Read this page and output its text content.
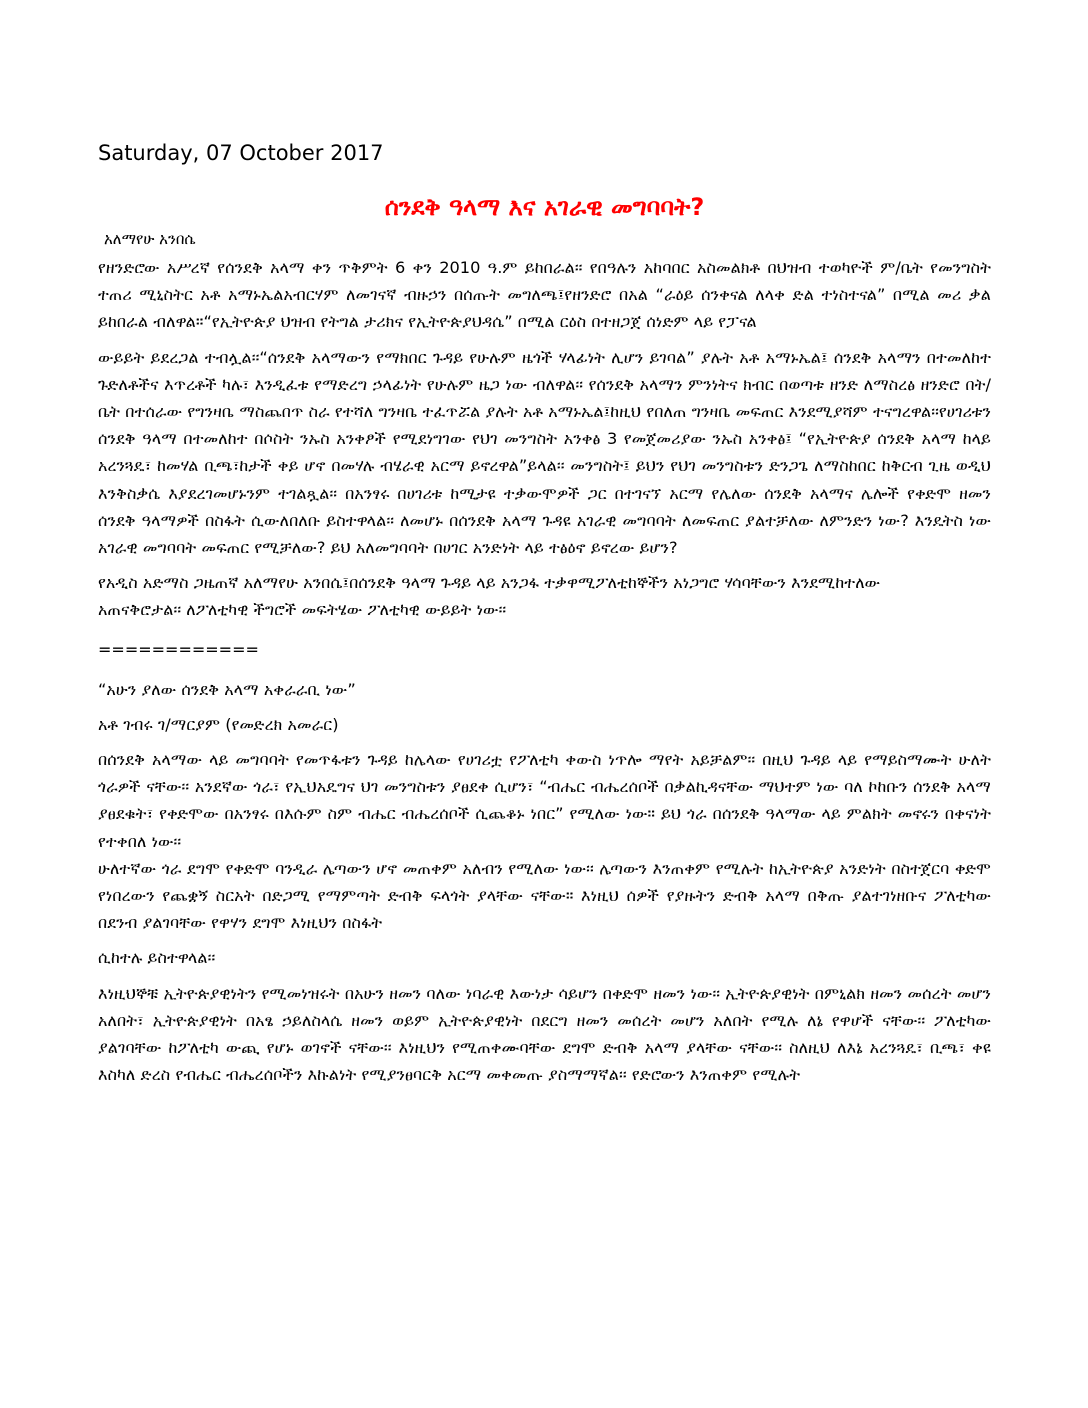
Saturday, 07 October 2017
ሰንደቅ ዓላማ እና አገራዊ መግባባት?
አለማየሁ አንበሴ

የዘንድሮው አሥረኛ የሰንደቅ አላማ ቀን ጥቅምት 6 ቀን 2010 ዓ.ም ይከበራል፡፡ የበዓሉን አከባበር አስመልክቶ በህዝብ ተወካዮች ም/ቤት የመንግስት ተጠሪ ሚኒስትር አቶ አማኑኤልአብርሃም ለመገናኛ ብዙኃን በሰጡት መግለጫ፤የዘንድሮ በአል “ራዕይ ሰንቀናል ለላቀ ድል ተነስተናል” በሚል መሪ ቃል ይከበራል ብለዋል።“የኢትዮጵያ ህዝብ የትግል ታሪክና የኢትዮጵያህዳሴ” በሚል ርዕስ በተዘጋጀ ሰነድም ላይ የፓናል

ውይይት ይደረጋል ተብሏል፡፡“ሰንደቅ አላማውን የማክበር ጉዳይ የሁሉም ዜጎች ሃላፊነት ሊሆን ይገባል” ያሉት አቶ አማኑኤል፤ ሰንደቅ አላማን በተመለከተ ጉድለቶችና እጥረቶች ካሉ፣ እንዲፈቱ የማድረግ ኃላፊነት የሁሉም ዜጋ ነው ብለዋል፡፡ የሰንደቅ አላማን ምንነትና ክብር በወጣቱ ዘንድ ለማስረፅ ዘንድሮ በት/ቤት በተሰራው የግንዛቤ ማስጨበጥ ስራ የተሻለ ግንዛቤ ተፈጥሯል ያሉት አቶ አማኑኤል፤ከዚህ የበለጠ ግንዛቤ መፍጠር እንደሚያሻም ተናግረዋል፡፡የሀገሪቱን ሰንደቅ ዓላማ በተመለከተ በሶስት ንኡስ አንቀፆች የሚደነግገው የህገ መንግስት አንቀፅ 3 የመጀመሪያው ንኡስ አንቀፅ፤ “የኢትዮጵያ ሰንደቅ አላማ ከላይ አረንጓዴ፣ ከመሃል ቢጫ፣ከታች ቀይ ሆኖ በመሃሉ ብሄራዊ አርማ ይኖረዋል”ይላል፡፡ መንግስት፤ ይህን የህገ መንግስቱን ድንጋጌ ለማስከበር ከቅርብ ጊዜ ወዲህ እንቅስቃሴ እያደረገመሆኑንም ተገልጿል፡፡ በአንፃሩ በሀገሪቱ ከሚታዩ ተቃውሞዎች ጋር በተገናኘ አርማ የሌለው ሰንደቅ አላማና ሌሎች የቀድሞ ዘመን ሰንደቅ ዓላማዎች በስፋት ሲውለበለቡ ይስተዋላል፡፡ ለመሆኑ በሰንደቅ አላማ ጉዳዩ አገራዊ መግባባት ለመፍጠር ያልተቻለው ለምንድን ነው? እንዴትስ ነው አገራዊ መግባባት መፍጠር የሚቻለው? ይህ አለመግባባት በሀገር አንድነት ላይ ተፅዕኖ ይኖረው ይሆን?

የአዲስ አድማስ ጋዜጠኛ አለማየሁ አንበሴ፤በሰንደቅ ዓላማ ጉዳይ ላይ አንጋፋ ተቃዋሚፖለቲከኞችን አነጋግሮ ሃሳባቸውን እንደሚከተለው

አጠናቅሮታል፡፡ ለፖለቲካዊ ችግሮች መፍትሄው ፖለቲካዊ ውይይት ነው፡፡

============

“አሁን ያለው ሰንደቅ አላማ አቀራራቢ ነው”

አቶ ገብሩ ገ/ማርያም (የመድረክ አመራር)

በሰንደቅ አላማው ላይ መግባባት የመጥፋቱን ጉዳይ ከሌላው የሀገሪቷ የፖለቲካ ቀውስ ነጥሎ ማየት አይቻልም፡፡ በዚህ ጉዳይ ላይ የማይስማሙት ሁለት ጎራዎች ናቸው፡፡ አንደኛው ጎራ፣ የኢህአዴግና ህገ መንግስቱን ያፀደቀ ሲሆን፣ “ብሔር ብሔረሰቦች በቃልኪዳናቸው ማህተም ነው ባለ ኮከቡን ሰንደቅ አላማ ያፀደቁት፣ የቀድሞው በአንፃሩ በእሱም ስም ብሔር ብሔረሰቦች ሲጨቆኑ ነበር” የሚለው ነው። ይህ ጎራ በሰንደቅ ዓላማው ላይ ምልክት መኖሩን በቀናነት የተቀበለ ነው፡፡

ሁለተኛው ጎራ ደግሞ የቀድሞ ባንዲራ ሌጣውን ሆኖ መጠቀም አለብን የሚለው ነው፡፡ ሌጣውን እንጠቀም የሚሉት ከኢትዮጵያ አንድነት በስተጀርባ ቀድሞ የነበረውን የጨቋኝ ስርአት በድጋሚ የማምጣት ድብቅ ፍላጎት ያላቸው ናቸው። እነዚህ ሰዎች የያዙትን ድብቅ አላማ በቅጡ ያልተገነዘቡና ፖለቲካው በደንብ ያልገባቸው የዋሃን ደግሞ እነዚህን በስፋት

ሲከተሉ ይስተዋላል፡፡

እነዚህኞቹ ኢትዮጵያዊነትን የሚመነዝሩት በአሁን ዘመን ባለው ነባራዊ እውነታ ሳይሆን በቀድሞ ዘመን ነው፡፡ ኢትዮጵያዊነት በምኒልክ ዘመን መሰረት መሆን አለበት፣ ኢትዮጵያዊነት በአፄ ኃይለስላሴ ዘመን ወይም ኢትዮጵያዊነት በደርግ ዘመን መሰረት መሆን አለበት የሚሉ ለኔ የዋሆች ናቸው፡፡ ፖለቲካው ያልገባቸው ከፖለቲካ ውጪ የሆኑ ወገኖች ናቸው፡፡ እነዚህን የሚጠቀሙባቸው ደግሞ ድብቅ አላማ ያላቸው ናቸው፡፡ ስለዚህ ለእኔ አረንጓዴ፣ ቢጫ፣ ቀዩ እስካለ ድረስ የብሔር ብሔረሰቦችን እኩልነት የሚያንፀባርቅ አርማ መቀመጡ ያስማማኛል፡፡ የድሮውን እንጠቀም የሚሉት
